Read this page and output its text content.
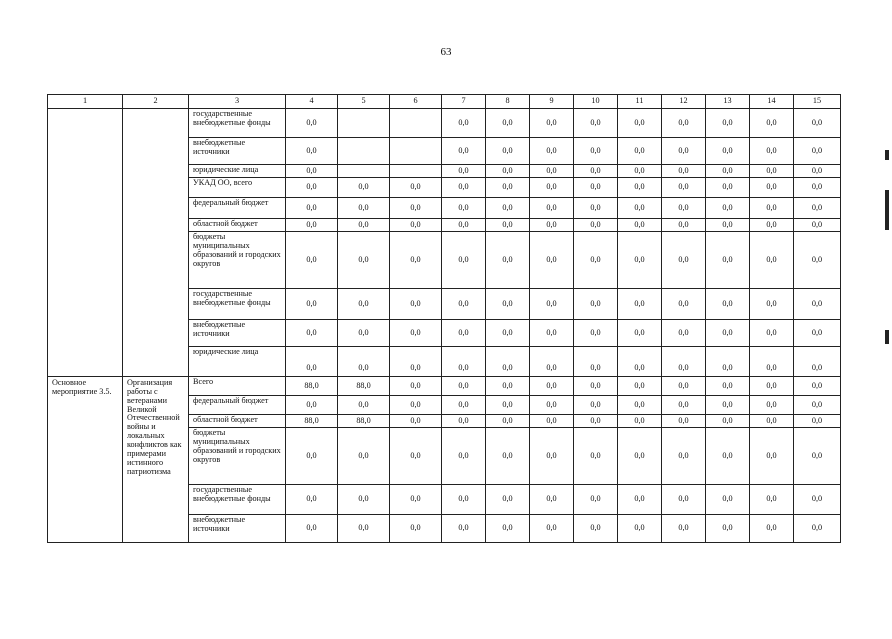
63
1	2	3	4	5	6	7	8	9	10	11	12	13	14	15
		государственные внебюджетные фонды	0,0			0,0	0,0	0,0	0,0	0,0	0,0	0,0	0,0	0,0
		внебюджетные источники	0,0			0,0	0,0	0,0	0,0	0,0	0,0	0,0	0,0	0,0
		юридические лица	0,0			0,0	0,0	0,0	0,0	0,0	0,0	0,0	0,0	0,0
		УКАД ОО, всего	0,0	0,0	0,0	0,0	0,0	0,0	0,0	0,0	0,0	0,0	0,0	0,0
		федеральный бюджет	0,0	0,0	0,0	0,0	0,0	0,0	0,0	0,0	0,0	0,0	0,0	0,0
		областной бюджет	0,0	0,0	0,0	0,0	0,0	0,0	0,0	0,0	0,0	0,0	0,0	0,0
		бюджеты муниципальных образований и городских округов	0,0	0,0	0,0	0,0	0,0	0,0	0,0	0,0	0,0	0,0	0,0	0,0
		государственные внебюджетные фонды	0,0	0,0	0,0	0,0	0,0	0,0	0,0	0,0	0,0	0,0	0,0	0,0
		внебюджетные источники	0,0	0,0	0,0	0,0	0,0	0,0	0,0	0,0	0,0	0,0	0,0	0,0
		юридические лица	0,0	0,0	0,0	0,0	0,0	0,0	0,0	0,0	0,0	0,0	0,0	0,0
Основное мероприятие 3.5.	Организация работы с ветеранами Великой Отечественной войны и локальных конфликтов как примерами истинного патриотизма	Всего	88,0	88,0	0,0	0,0	0,0	0,0	0,0	0,0	0,0	0,0	0,0	0,0
		федеральный бюджет	0,0	0,0	0,0	0,0	0,0	0,0	0,0	0,0	0,0	0,0	0,0	0,0
		областной бюджет	88,0	88,0	0,0	0,0	0,0	0,0	0,0	0,0	0,0	0,0	0,0	0,0
		бюджеты муниципальных образований и городских округов	0,0	0,0	0,0	0,0	0,0	0,0	0,0	0,0	0,0	0,0	0,0	0,0
		государственные внебюджетные фонды	0,0	0,0	0,0	0,0	0,0	0,0	0,0	0,0	0,0	0,0	0,0	0,0
		внебюджетные источники	0,0	0,0	0,0	0,0	0,0	0,0	0,0	0,0	0,0	0,0	0,0	0,0
